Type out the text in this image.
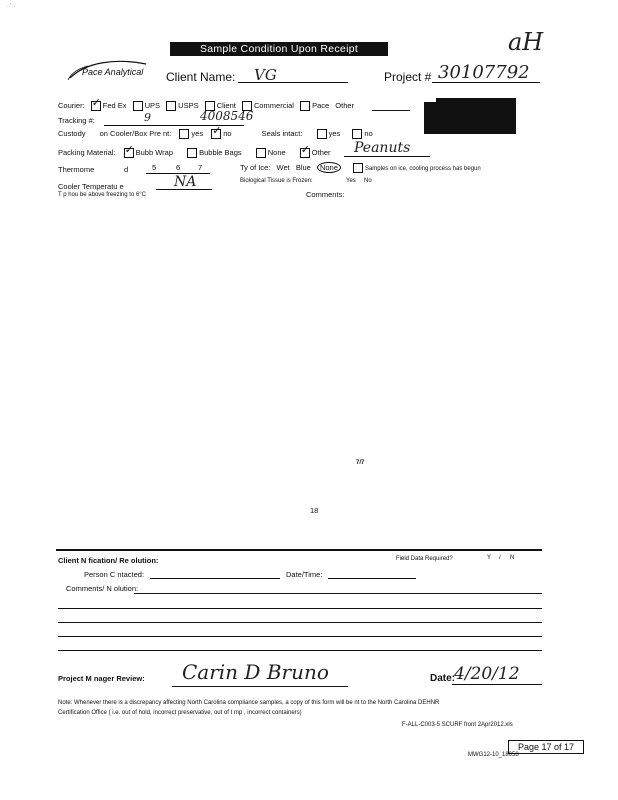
· ˊ ·
aH
Sample Condition Upon Receipt
Pace Analytical Client Name: VG	Project # 30107792
Courier: ✓ Fed Ex UPS USPS Client Commercial Pace Other
Tracking #:	9	4008546
Custody on Cooler/Box Pre nt:	yes ✓	no	Seals intact:	yes	no
Packing Material: ✓	Bubb Wrap	Bubble Bags	None ✓	Other Peanuts
Thermome	d	5	6 7	Ty of Ice: Wet Blue None	Samples on ice, cooling process has begun
Cooler Temperatu e	NA	Biological Tissue is Frozen:	Yes No
T p hou be above freezing to 6°C	Comments:
7/7
18
Client N fication/ Re olution:	Field Data Required?	Y / N
Person C ntacted:	Date/Time:
Comments/ N olution:
Project M nager Review: Carin D Bruno	Date:
4/20/12
Note: Whenever there is a discrepancy affecting North Carolina compliance samples, a copy of this form will be nt to the North Carolina DEHNR
Certification Office ( i.e. out of hold, incorrect preservative, out of t mp , incorrect containers)
F-ALL-C003-5 SCURF front 2Apr2012.xls
Page 17 of 17
MWG12-10_18058
